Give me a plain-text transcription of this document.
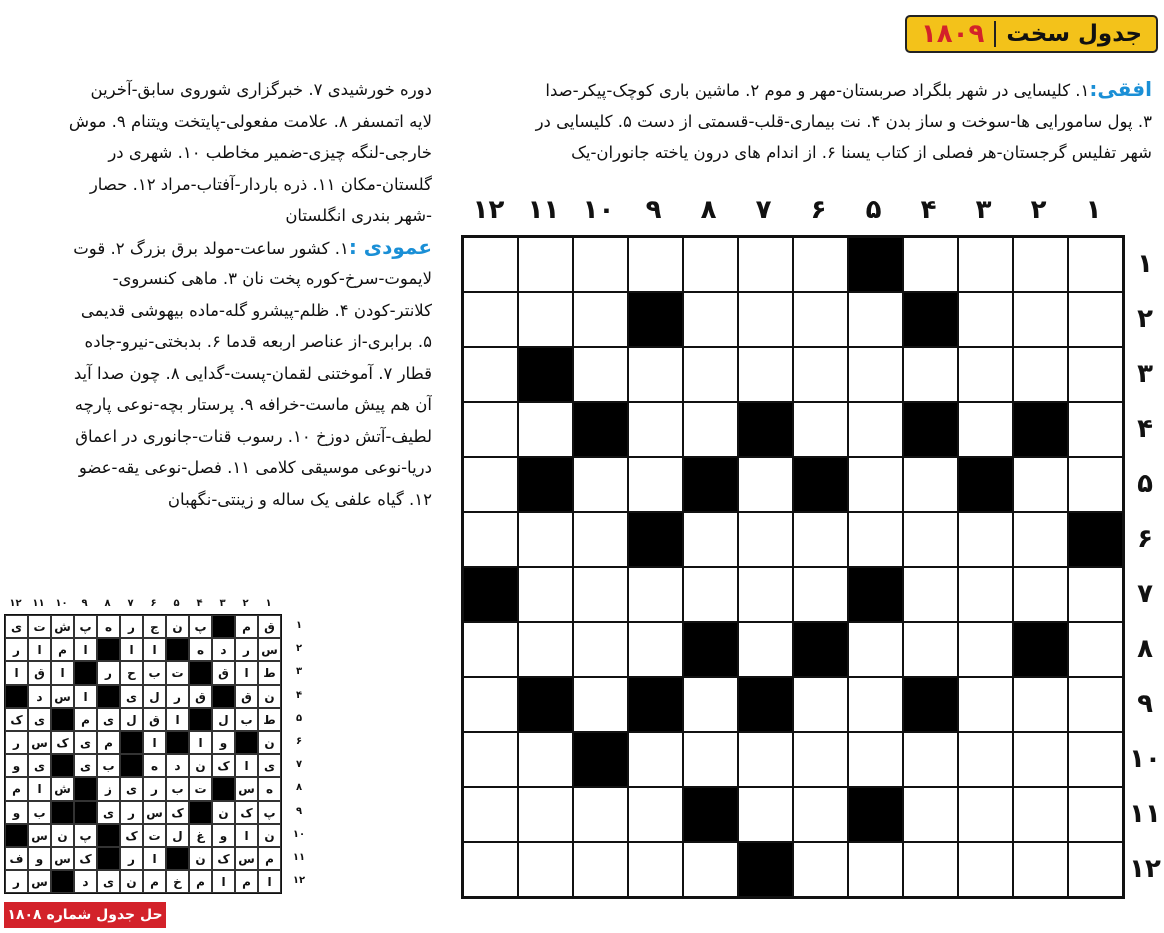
جدول سخت
۱۸۰۹
افقی:۱. کلیسایی در شهر بلگراد صربستان-مهر و موم ۲. ماشین باری کوچک-پیکر-صدا
۳. پول سامورایی ها-سوخت و ساز بدن ۴. نت بیماری-قلب-قسمتی از دست ۵. کلیسایی در
شهر تفلیس گرجستان-هر فصلی از کتاب یسنا ۶. از اندام های درون یاخته جانوران-یک
دوره خورشیدی ۷. خبرگزاری شوروی سابق-آخرین
لایه اتمسفر ۸. علامت مفعولی-پایتخت ویتنام ۹. موش
خارجی-لنگه چیزی-ضمیر مخاطب ۱۰. شهری در
گلستان-مکان ۱۱. ذره باردار-آفتاب-مراد ۱۲. حصار
-شهر بندری انگلستان
عمودی :۱. کشور ساعت-مولد برق بزرگ ۲. قوت
لایموت-سرخ-کوره پخت نان ۳. ماهی کنسروی-
کلانتر-کودن ۴. ظلم-پیشرو گله-ماده بیهوشی قدیمی
۵. برابری-از عناصر اربعه قدما ۶. بدبختی-نیرو-جاده
قطار ۷. آموختنی لقمان-پست-گدایی ۸. چون صدا آید
آن هم پیش ماست-خرافه ۹. پرستار بچه-نوعی پارچه
لطیف-آتش دوزخ ۱۰. رسوب قنات-جانوری در اعماق
دریا-نوعی موسیقی کلامی ۱۱. فصل-نوعی یقه-عضو
۱۲. گیاه علفی یک ساله و زینتی-نگهبان
۱
۲
۳
۴
۵
۶
۷
۸
۹
۱۰
۱۱
۱۲
۱
۲
۳
۴
۵
۶
۷
۸
۹
۱۰
۱۱
۱۲
۱
۲
۳
۴
۵
۶
۷
۸
۹
۱۰
۱۱
۱۲
ق
م
پ
ن
ج
ر
ه
پ
ش
ت
ی
س
ر
د
ه
ا
ا
ا
م
ا
ر
ط
ا
ق
ت
ب
ح
ر
ا
ق
ا
ن
ق
ق
ر
ل
ی
ا
س
د
ط
ب
ل
ا
ق
ل
ی
م
ی
ک
ن
و
ا
ا
م
ی
ک
س
ر
ی
ا
ک
ن
د
ه
ب
ی
ی
و
ه
س
ت
ب
ر
ی
ز
ش
ا
م
پ
ک
ن
ک
س
ر
ی
ب
و
ن
ا
و
غ
ل
ت
ک
پ
ن
س
م
س
ک
ن
ا
ر
ک
س
و
ف
ا
م
ا
م
خ
م
ن
ی
د
س
ر
۱
۲
۳
۴
۵
۶
۷
۸
۹
۱۰
۱۱
۱۲
حل جدول شماره ۱۸۰۸
